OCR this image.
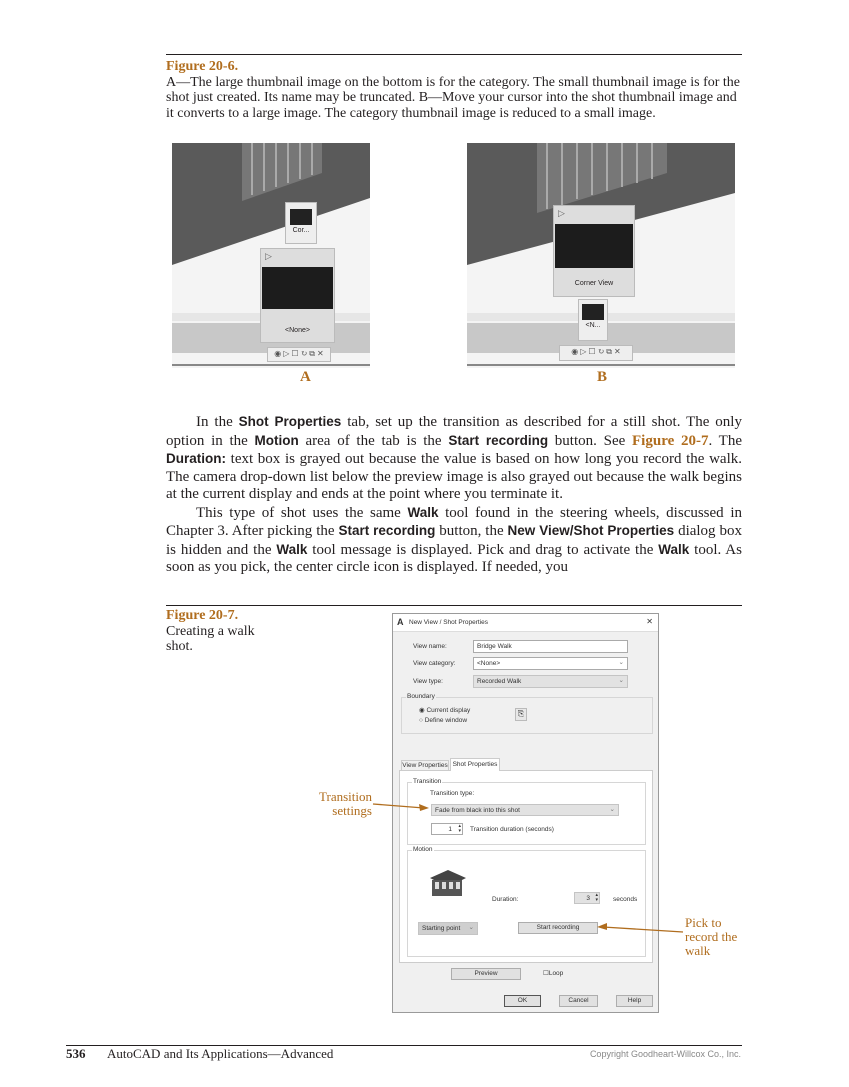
Figure 20-6.
A—The large thumbnail image on the bottom is for the category. The small thumbnail image is for the shot just created. Its name may be truncated. B—Move your cursor into the shot thumbnail image and it converts to a large image. The category thumbnail image is reduced to a small image.
Cor...
▷
<None>
◉ ▷ ☐ ↻ ⧉ ✕
A
▷
Corner View
<N...
◉ ▷ ☐ ↻ ⧉ ✕
B

In the Shot Properties tab, set up the transition as described for a still shot. The only option in the Motion area of the tab is the Start recording button. See Figure 20-7. The Duration: text box is grayed out because the value is based on how long you record the walk. The camera drop-down list below the preview image is also grayed out because the walk begins at the current display and ends at the point where you terminate it.

This type of shot uses the same Walk tool found in the steering wheels, discussed in Chapter 3. After picking the Start recording button, the New View/Shot Properties dialog box is hidden and the Walk tool message is displayed. Pick and drag to activate the Walk tool. As soon as you pick, the center circle icon is displayed. If needed, you

Figure 20-7.
Creating a walk shot.
Transition settings
Pick to record the walk
A New View / Shot Properties	✕
View name:	Bridge Walk
View category:	<None>	⌄
View type:	Recorded Walk	⌄
Boundary
◉ Current display
○ Define window
⎘
View Properties Shot Properties
Transition
Transition type:
Fade from black into this shot	⌄
1 ▴
▾ Transition duration (seconds)
Motion
Duration:	3 ▴
▾ seconds
Starting point ⌄	Start recording
Preview	☐Loop
OK	Cancel	Help
536 AutoCAD and Its Applications—Advanced	Copyright Goodheart-Willcox Co., Inc.
